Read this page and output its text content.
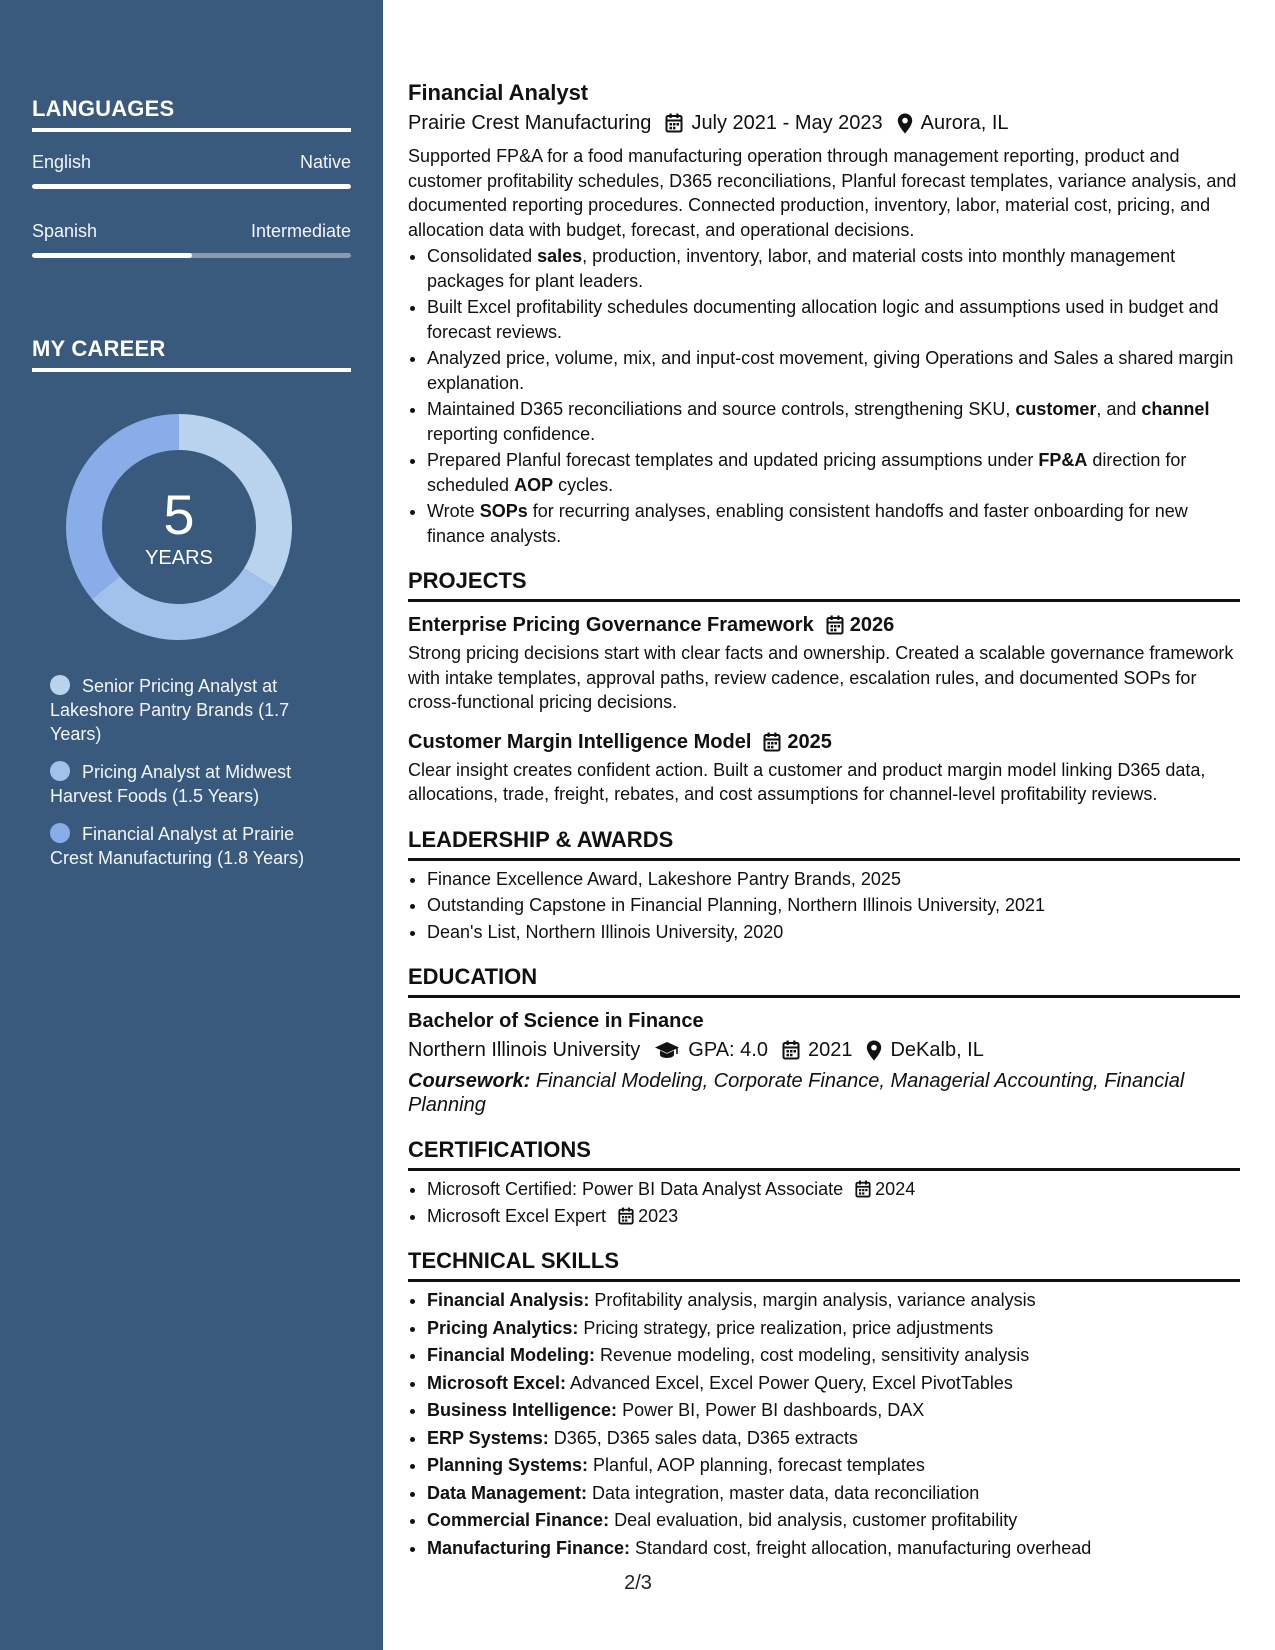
LANGUAGES
English	Native
Spanish	Intermediate
MY CAREER
5
YEARS
Senior Pricing Analyst at Lakeshore Pantry Brands (1.7 Years)
Pricing Analyst at Midwest Harvest Foods (1.5 Years)
Financial Analyst at Prairie Crest Manufacturing (1.8 Years)
Financial Analyst
Prairie Crest Manufacturing July 2021 - May 2023 Aurora, IL
Supported FP&A for a food manufacturing operation through management reporting, product and customer profitability schedules, D365 reconciliations, Planful forecast templates, variance analysis, and documented reporting procedures. Connected production, inventory, labor, material cost, pricing, and allocation data with budget, forecast, and operational decisions.
• Consolidated sales, production, inventory, labor, and material costs into monthly management packages for plant leaders.
• Built Excel profitability schedules documenting allocation logic and assumptions used in budget and forecast reviews.
• Analyzed price, volume, mix, and input-cost movement, giving Operations and Sales a shared margin explanation.
• Maintained D365 reconciliations and source controls, strengthening SKU, customer, and channel reporting confidence.
• Prepared Planful forecast templates and updated pricing assumptions under FP&A direction for scheduled AOP cycles.
• Wrote SOPs for recurring analyses, enabling consistent handoffs and faster onboarding for new finance analysts.
PROJECTS
Enterprise Pricing Governance Framework 2026
Strong pricing decisions start with clear facts and ownership. Created a scalable governance framework with intake templates, approval paths, review cadence, escalation rules, and documented SOPs for cross-functional pricing decisions.
Customer Margin Intelligence Model 2025
Clear insight creates confident action. Built a customer and product margin model linking D365 data, allocations, trade, freight, rebates, and cost assumptions for channel-level profitability reviews.
LEADERSHIP & AWARDS
• Finance Excellence Award, Lakeshore Pantry Brands, 2025
• Outstanding Capstone in Financial Planning, Northern Illinois University, 2021
• Dean's List, Northern Illinois University, 2020
EDUCATION
Bachelor of Science in Finance
Northern Illinois University GPA: 4.0 2021 DeKalb, IL
Coursework: Financial Modeling, Corporate Finance, Managerial Accounting, Financial Planning
CERTIFICATIONS
• Microsoft Certified: Power BI Data Analyst Associate 2024
• Microsoft Excel Expert 2023
TECHNICAL SKILLS
• Financial Analysis: Profitability analysis, margin analysis, variance analysis
• Pricing Analytics: Pricing strategy, price realization, price adjustments
• Financial Modeling: Revenue modeling, cost modeling, sensitivity analysis
• Microsoft Excel: Advanced Excel, Excel Power Query, Excel PivotTables
• Business Intelligence: Power BI, Power BI dashboards, DAX
• ERP Systems: D365, D365 sales data, D365 extracts
• Planning Systems: Planful, AOP planning, forecast templates
• Data Management: Data integration, master data, data reconciliation
• Commercial Finance: Deal evaluation, bid analysis, customer profitability
• Manufacturing Finance: Standard cost, freight allocation, manufacturing overhead
2/3
